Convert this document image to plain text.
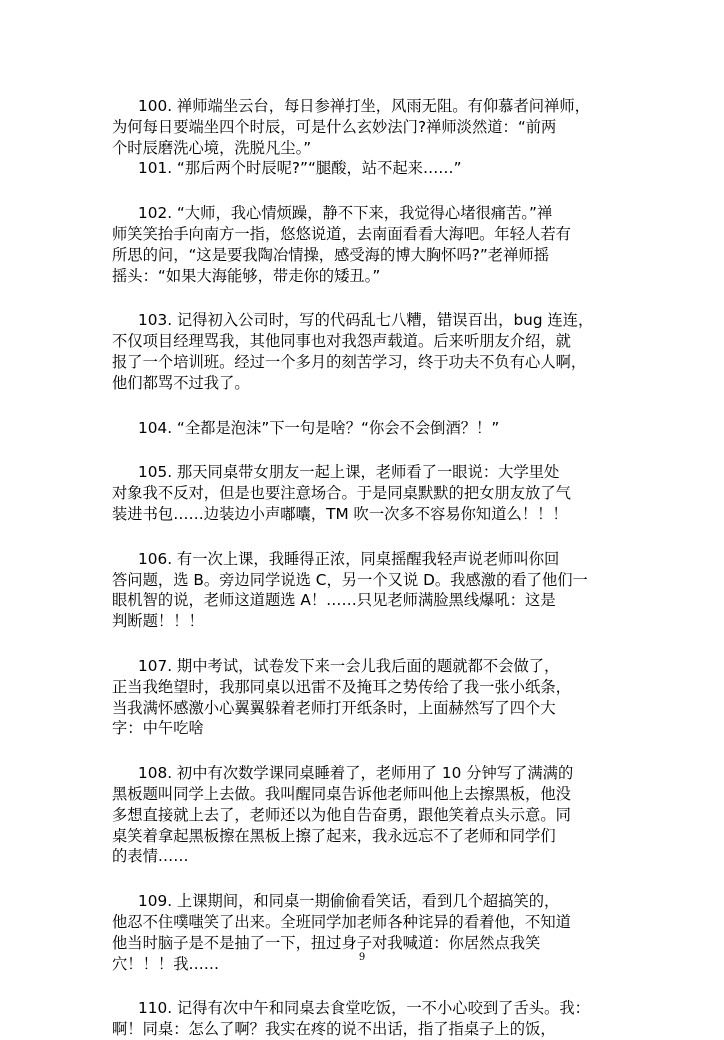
100. 禅师端坐云台，每日参禅打坐，风雨无阻。有仰慕者问禅师，
为何每日要端坐四个时辰，可是什么玄妙法门?禅师淡然道：“前两
个时辰磨洗心境，洗脱凡尘。”
101. “那后两个时辰呢?”“腿酸，站不起来……”
102. “大师，我心情烦躁，静不下来，我觉得心堵很痛苦。”禅
师笑笑抬手向南方一指，悠悠说道，去南面看看大海吧。年轻人若有
所思的问，“这是要我陶冶情操，感受海的博大胸怀吗?”老禅师摇
摇头：“如果大海能够，带走你的矮丑。”
103. 记得初入公司时，写的代码乱七八糟，错误百出，bug 连连，
不仅项目经理骂我，其他同事也对我怨声载道。后来听朋友介绍，就
报了一个培训班。经过一个多月的刻苦学习，终于功夫不负有心人啊，
他们都骂不过我了。
104. “全都是泡沫”下一句是啥？“你会不会倒酒？！”
105. 那天同桌带女朋友一起上课，老师看了一眼说：大学里处
对象我不反对，但是也要注意场合。于是同桌默默的把女朋友放了气
装进书包……边装边小声嘟囔，TM 吹一次多不容易你知道么！！！
106. 有一次上课，我睡得正浓，同桌摇醒我轻声说老师叫你回
答问题，选 B。旁边同学说选 C，另一个又说 D。我感激的看了他们一
眼机智的说，老师这道题选 A！……只见老师满脸黑线爆吼：这是
判断题！！！
107. 期中考试，试卷发下来一会儿我后面的题就都不会做了，
正当我绝望时，我那同桌以迅雷不及掩耳之势传给了我一张小纸条，
当我满怀感激小心翼翼躲着老师打开纸条时，上面赫然写了四个大
字：中午吃啥
108. 初中有次数学课同桌睡着了，老师用了 10 分钟写了满满的
黑板题叫同学上去做。我叫醒同桌告诉他老师叫他上去擦黑板，他没
多想直接就上去了，老师还以为他自告奋勇，跟他笑着点头示意。同
桌笑着拿起黑板擦在黑板上擦了起来，我永远忘不了老师和同学们
的表情……
109. 上课期间，和同桌一期偷偷看笑话，看到几个超搞笑的，
他忍不住噗嗤笑了出来。全班同学加老师各种诧异的看着他，不知道
他当时脑子是不是抽了一下，扭过身子对我喊道：你居然点我笑
穴！！！我……
110. 记得有次中午和同桌去食堂吃饭，一不小心咬到了舌头。我：
啊！同桌：怎么了啊？我实在疼的说不出话，指了指桌子上的饭，
9
